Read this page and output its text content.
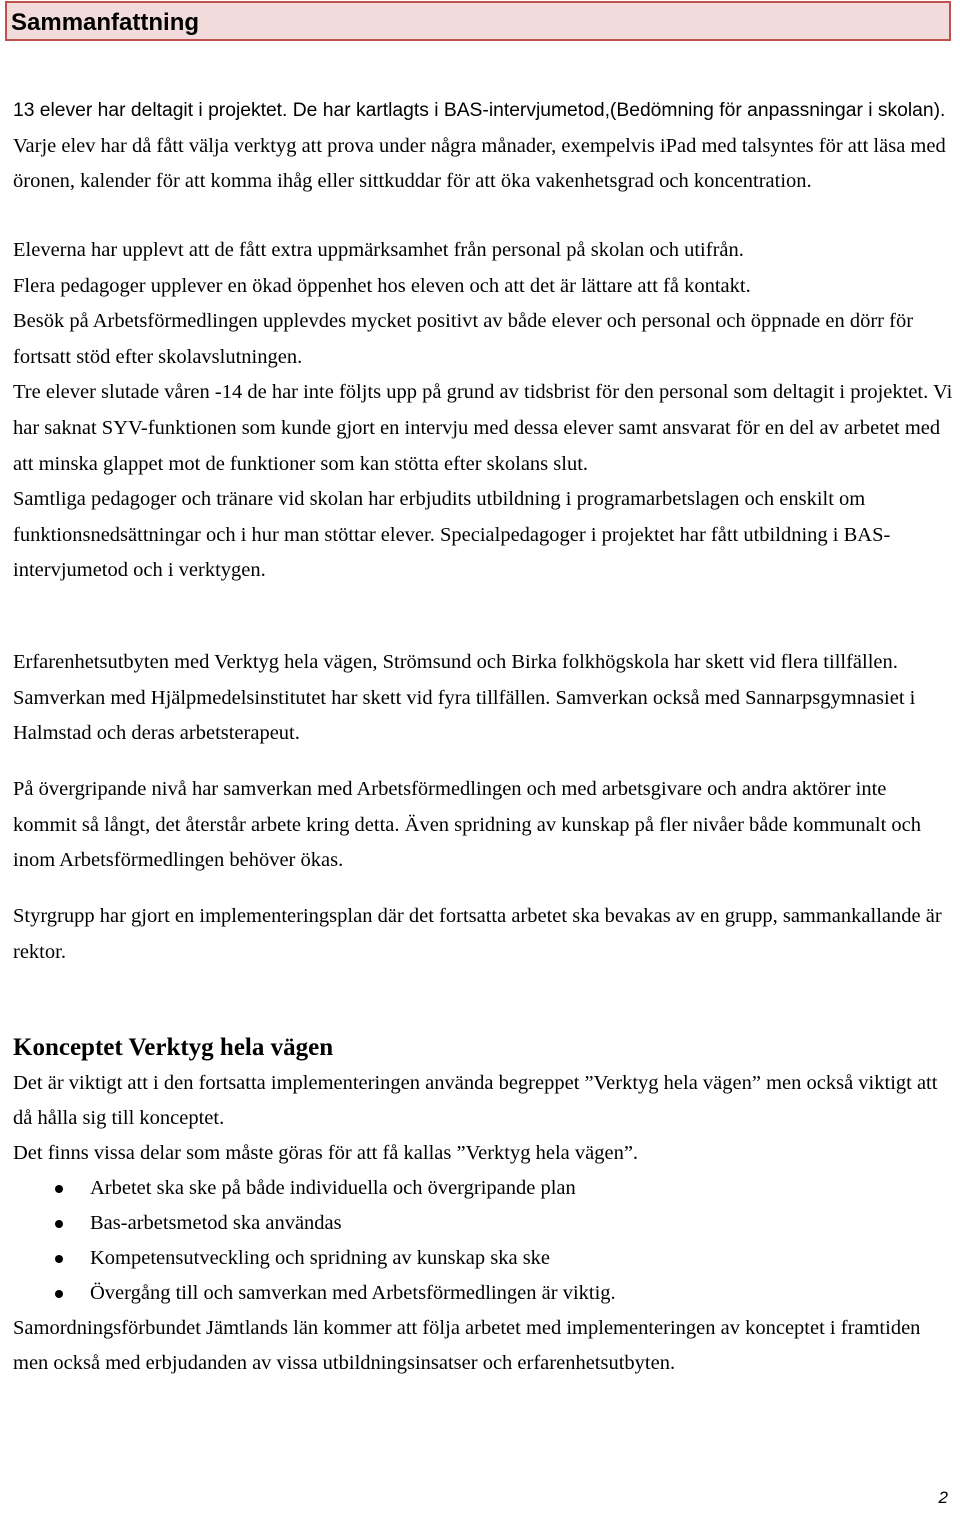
Sammanfattning

13 elever har deltagit i projektet. De har kartlagts i BAS-intervjumetod,(Bedömning för anpassningar i skolan). Varje elev har då fått välja verktyg att prova under några månader, exempelvis iPad med talsyntes för att läsa med öronen, kalender för att komma ihåg eller sittkuddar för att öka vakenhetsgrad och koncentration.

Eleverna har upplevt att de fått extra uppmärksamhet från personal på skolan och utifrån.

Flera pedagoger upplever en ökad öppenhet hos eleven och att det är lättare att få kontakt.

Besök på Arbetsförmedlingen upplevdes mycket positivt av både elever och personal och öppnade en dörr för fortsatt stöd efter skolavslutningen.

Tre elever slutade våren -14 de har inte följts upp på grund av tidsbrist för den personal som deltagit i projektet. Vi har saknat SYV-funktionen som kunde gjort en intervju med dessa elever samt ansvarat för en del av arbetet med att minska glappet mot de funktioner som kan stötta efter skolans slut.

Samtliga pedagoger och tränare vid skolan har erbjudits utbildning i programarbetslagen och enskilt om funktionsnedsättningar och i hur man stöttar elever. Specialpedagoger i projektet har fått utbildning i BAS-intervjumetod och i verktygen.

Erfarenhetsutbyten med Verktyg hela vägen, Strömsund och Birka folkhögskola har skett vid flera tillfällen. Samverkan med Hjälpmedelsinstitutet har skett vid fyra tillfällen. Samverkan också med Sannarpsgymnasiet i Halmstad och deras arbetsterapeut.

På övergripande nivå har samverkan med Arbetsförmedlingen och med arbetsgivare och andra aktörer inte kommit så långt, det återstår arbete kring detta. Även spridning av kunskap på fler nivåer både kommunalt och inom Arbetsförmedlingen behöver ökas.

Styrgrupp har gjort en implementeringsplan där det fortsatta arbetet ska bevakas av en grupp, sammankallande är rektor.

Konceptet Verktyg hela vägen

Det är viktigt att i den fortsatta implementeringen använda begreppet ”Verktyg hela vägen” men också viktigt att då hålla sig till konceptet.

Det finns vissa delar som måste göras för att få kallas ”Verktyg hela vägen”.

Arbetet ska ske på både individuella och övergripande plan
Bas-arbetsmetod ska användas
Kompetensutveckling och spridning av kunskap ska ske
Övergång till och samverkan med Arbetsförmedlingen är viktig.

Samordningsförbundet Jämtlands län kommer att följa arbetet med implementeringen av konceptet i framtiden men också med erbjudanden av vissa utbildningsinsatser och erfarenhetsutbyten.

2
